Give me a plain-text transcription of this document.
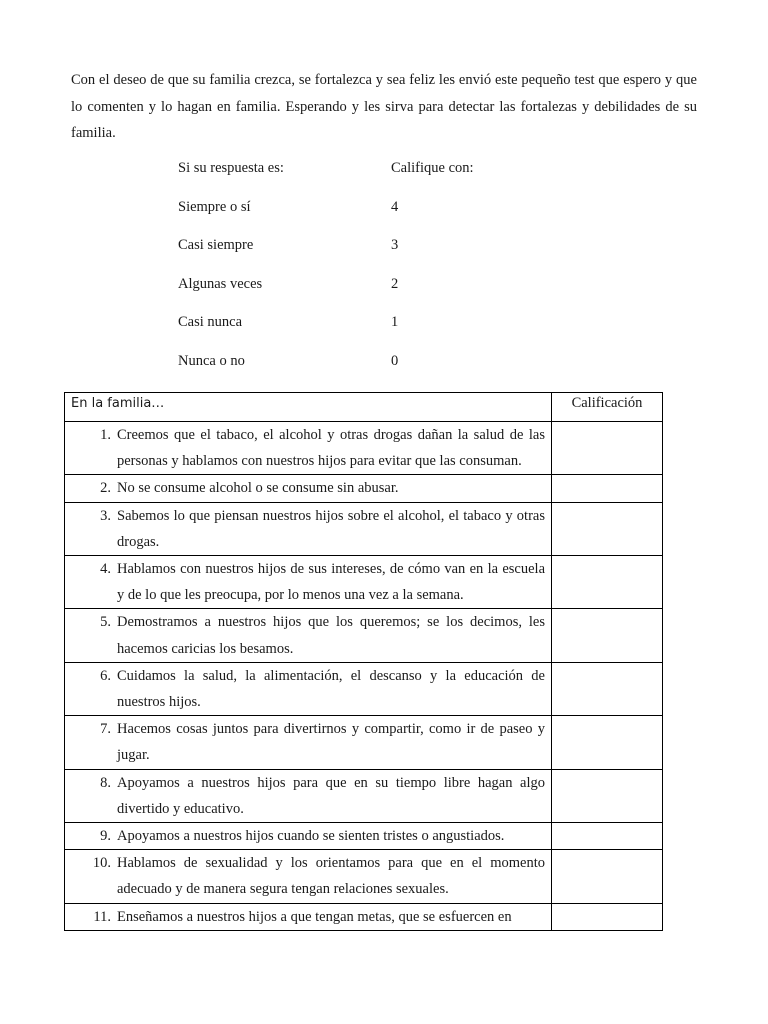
Con el deseo de que su familia crezca, se fortalezca y sea feliz les envió este pequeño test que espero y que lo comenten y lo hagan en familia. Esperando y les sirva para detectar las fortalezas y debilidades de su familia.

Si su respuesta es:	Califique con:
Siempre o sí	4
Casi siempre	3
Algunas veces	2
Casi nunca	1
Nunca o no	0
En la familia…	Calificación

1. Creemos que el tabaco, el alcohol y otras drogas dañan la salud de las personas y hablamos con nuestros hijos para evitar que las consuman.	

2. No se consume alcohol o se consume sin abusar.	

3. Sabemos lo que piensan nuestros hijos sobre el alcohol, el tabaco y otras drogas.	

4. Hablamos con nuestros hijos de sus intereses, de cómo van en la escuela y de lo que les preocupa, por lo menos una vez a la semana.	

5. Demostramos a nuestros hijos que los queremos; se los decimos, les hacemos caricias los besamos.	

6. Cuidamos la salud, la alimentación, el descanso y la educación de nuestros hijos.	

7. Hacemos cosas juntos para divertirnos y compartir, como ir de paseo y jugar.	

8. Apoyamos a nuestros hijos para que en su tiempo libre hagan algo divertido y educativo.	

9. Apoyamos a nuestros hijos cuando se sienten tristes o angustiados.	

10. Hablamos de sexualidad y los orientamos para que en el momento adecuado y de manera segura tengan relaciones sexuales.	

11. Enseñamos a nuestros hijos a que tengan metas, que se esfuercen en	
